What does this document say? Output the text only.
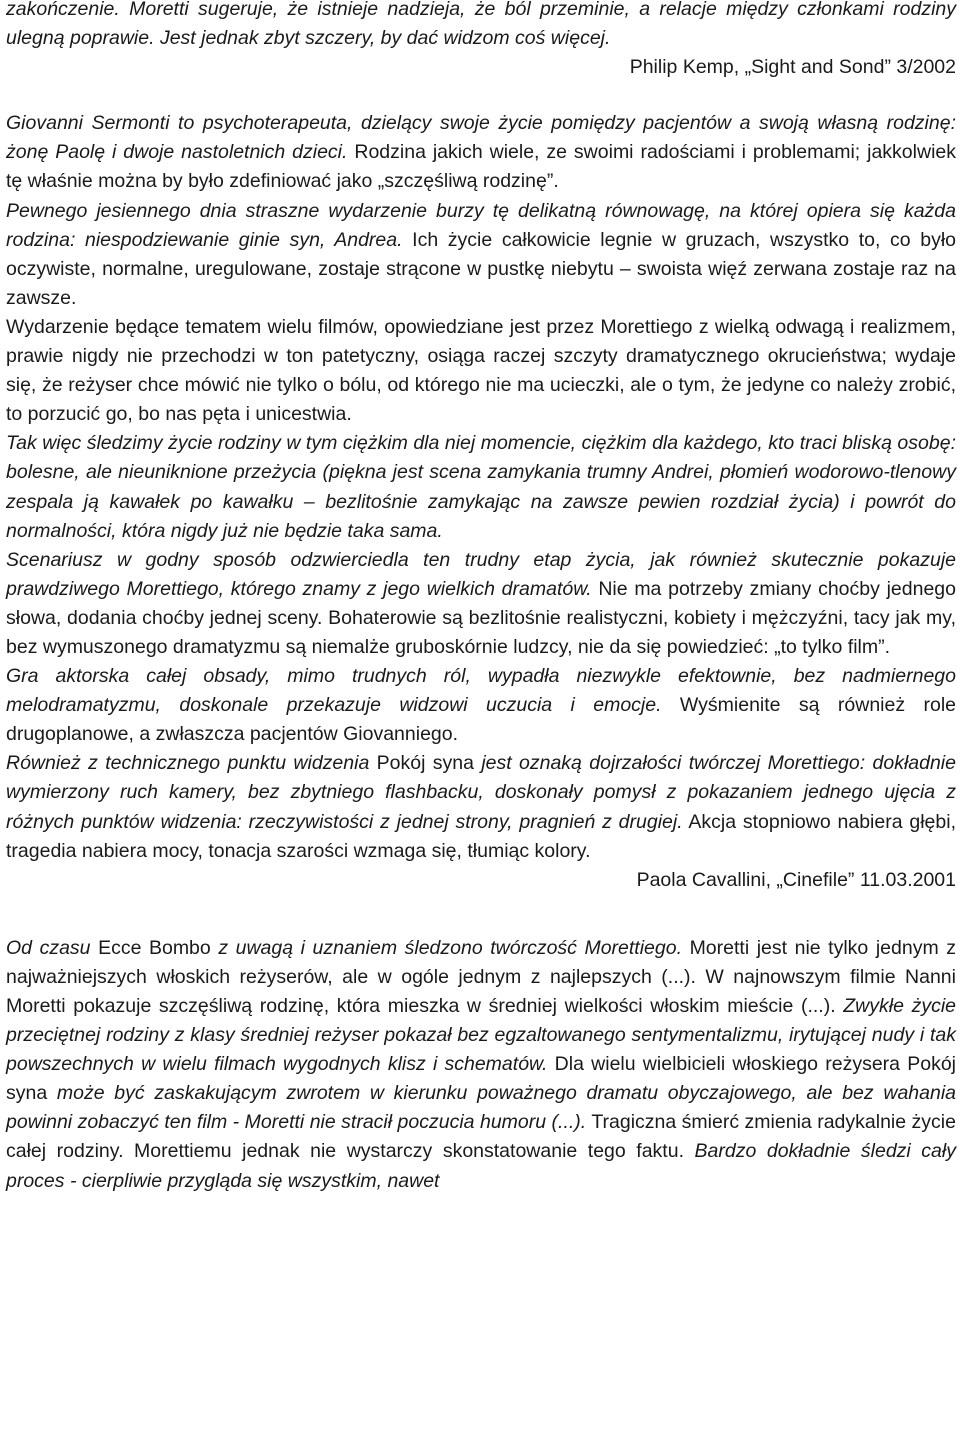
zakończenie. Moretti sugeruje, że istnieje nadzieja, że ból przeminie, a relacje między członkami rodziny ulegną poprawie. Jest jednak zbyt szczery, by dać widzom coś więcej.

Philip Kemp, „Sight and Sond” 3/2002

Giovanni Sermonti to psychoterapeuta, dzielący swoje życie pomiędzy pacjentów a swoją własną rodzinę: żonę Paolę i dwoje nastoletnich dzieci. Rodzina jakich wiele, ze swoimi radościami i problemami; jakkolwiek tę właśnie można by było zdefiniować jako „szczęśliwą rodzinę”.

Pewnego jesiennego dnia straszne wydarzenie burzy tę delikatną równowagę, na której opiera się każda rodzina: niespodziewanie ginie syn, Andrea. Ich życie całkowicie legnie w gruzach, wszystko to, co było oczywiste, normalne, uregulowane, zostaje strącone w pustkę niebytu – swoista więź zerwana zostaje raz na zawsze.

Wydarzenie będące tematem wielu filmów, opowiedziane jest przez Morettiego z wielką odwagą i realizmem, prawie nigdy nie przechodzi w ton patetyczny, osiąga raczej szczyty dramatycznego okrucieństwa; wydaje się, że reżyser chce mówić nie tylko o bólu, od którego nie ma ucieczki, ale o tym, że jedyne co należy zrobić, to porzucić go, bo nas pęta i unicestwia.

Tak więc śledzimy życie rodziny w tym ciężkim dla niej momencie, ciężkim dla każdego, kto traci bliską osobę: bolesne, ale nieuniknione przeżycia (piękna jest scena zamykania trumny Andrei, płomień wodorowo-tlenowy zespala ją kawałek po kawałku – bezlitośnie zamykając na zawsze pewien rozdział życia) i powrót do normalności, która nigdy już nie będzie taka sama.

Scenariusz w godny sposób odzwierciedla ten trudny etap życia, jak również skutecznie pokazuje prawdziwego Morettiego, którego znamy z jego wielkich dramatów. Nie ma potrzeby zmiany choćby jednego słowa, dodania choćby jednej sceny. Bohaterowie są bezlitośnie realistyczni, kobiety i mężczyźni, tacy jak my, bez wymuszonego dramatyzmu są niemalże gruboskórnie ludzcy, nie da się powiedzieć: „to tylko film”.

Gra aktorska całej obsady, mimo trudnych ról, wypadła niezwykle efektownie, bez nadmiernego melodramatyzmu, doskonale przekazuje widzowi uczucia i emocje. Wyśmienite są również role drugoplanowe, a zwłaszcza pacjentów Giovanniego.

Również z technicznego punktu widzenia Pokój syna jest oznaką dojrzałości twórczej Morettiego: dokładnie wymierzony ruch kamery, bez zbytniego flashbacku, doskonały pomysł z pokazaniem jednego ujęcia z różnych punktów widzenia: rzeczywistości z jednej strony, pragnień z drugiej. Akcja stopniowo nabiera głębi, tragedia nabiera mocy, tonacja szarości wzmaga się, tłumiąc kolory.

Paola Cavallini, „Cinefile” 11.03.2001

Od czasu Ecce Bombo z uwagą i uznaniem śledzono twórczość Morettiego. Moretti jest nie tylko jednym z najważniejszych włoskich reżyserów, ale w ogóle jednym z najlepszych (...). W najnowszym filmie Nanni Moretti pokazuje szczęśliwą rodzinę, która mieszka w średniej wielkości włoskim mieście (...). Zwykłe życie przeciętnej rodziny z klasy średniej reżyser pokazał bez egzaltowanego sentymentalizmu, irytującej nudy i tak powszechnych w wielu filmach wygodnych klisz i schematów. Dla wielu wielbicieli włoskiego reżysera Pokój syna może być zaskakującym zwrotem w kierunku poważnego dramatu obyczajowego, ale bez wahania powinni zobaczyć ten film - Moretti nie stracił poczucia humoru (...). Tragiczna śmierć zmienia radykalnie życie całej rodziny. Morettiemu jednak nie wystarczy skonstatowanie tego faktu. Bardzo dokładnie śledzi cały proces - cierpliwie przygląda się wszystkim, nawet
